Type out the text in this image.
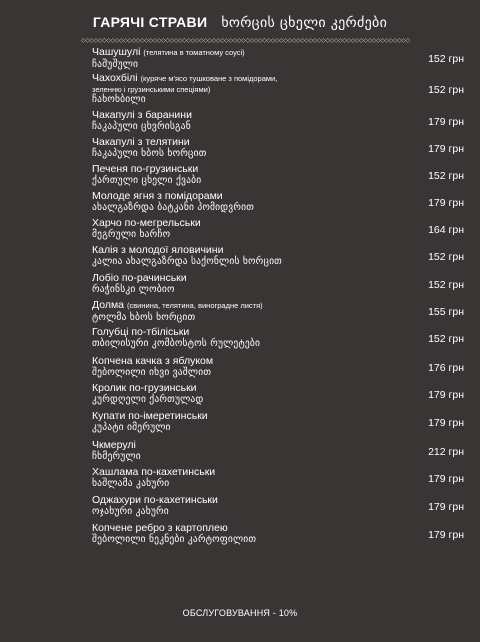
ГАРЯЧІ СТРАВИ ხორცის ცხელი კერძები
◇◇◇◇◇◇◇◇◇◇◇◇◇◇◇◇◇◇◇◇◇◇◇◇◇◇◇◇◇◇◇◇◇◇◇◇◇◇◇◇◇◇◇◇◇◇◇◇◇◇◇◇◇◇◇◇◇◇◇◇◇◇◇◇◇◇◇◇◇◇◇◇◇◇◇◇◇◇
Чашушулі (телятина в томатному соусі)
ჩაშუშული	152 грн
Чахохбілі (куряче м'ясо тушковане з помідорами,
зеленню і грузинськими спеціями)
ჩახოხბილი
152 грн
Чакапулі з баранини
ჩაკაპული ცხვრისგან	179 грн
Чакапулі з телятини
ჩაკაპული ხბოს ხორცით	179 грн
Печеня по-грузинськи
ქართული ცხელი ქვაბი	152 грн
Молоде ягня з помідорами
ახალგაზრდა ბატკანი პომიდვრით	179 грн
Харчо по-мегрельськи
მეგრული ხარჩო	164 грн
Калія з молодої яловичини
კალია ახალგაზრდა საქონლის ხორცით	152 грн
Лобіо по-рачинськи
რაჭინსკი ლობიო	152 грн
Долма (свинина, телятина, виноградне листя)
ტოლმა ხბოს ხორცით	155 грн
Голубці по-тбіліськи
თბილისური კომბოსტოს რულეტები	152 грн
Копчена качка з яблуком
შებოლილი იხვი ვაშლით	176 грн
Кролик по-грузинськи
კურდღელი ქართულად	179 грн
Купати по-імеретинськи
კუპატი იმერული	179 грн
Чкмерулі
ჩხმერული	212 грн
Хашлама по-кахетинськи
ხაშლამა კახური	179 грн
Оджахури по-кахетинськи
ოჯახური კახური	179 грн
Копчене ребро з картоплею
შებოლილი ნეკნები კარტოფილით	179 грн
ОБСЛУГОВУВАННЯ - 10%
